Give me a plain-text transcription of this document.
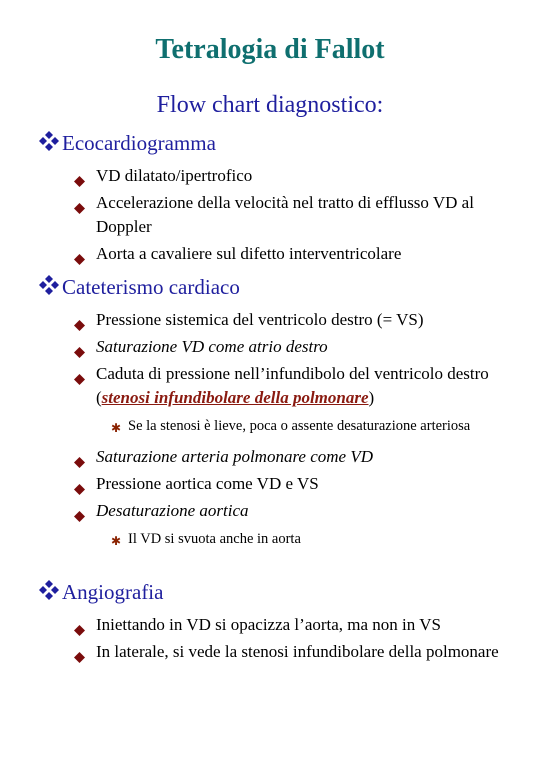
Tetralogia di Fallot
Flow chart diagnostico:
Ecocardiogramma
VD dilatato/ipertrofico
Accelerazione della velocità nel tratto di efflusso VD al Doppler
Aorta a cavaliere sul difetto interventricolare
Cateterismo cardiaco
Pressione sistemica del ventricolo destro (= VS)
Saturazione VD come atrio destro
Caduta di pressione nell’infundibolo del ventricolo destro (stenosi infundibolare della polmonare)
✱ Se la stenosi è lieve, poca o assente desaturazione arteriosa
Saturazione arteria polmonare come VD
Pressione aortica come VD e VS
Desaturazione aortica
✱ Il VD si svuota anche in aorta
Angiografia
Iniettando in VD si opacizza l’aorta, ma non in VS
In laterale, si vede la stenosi infundibolare della polmonare
